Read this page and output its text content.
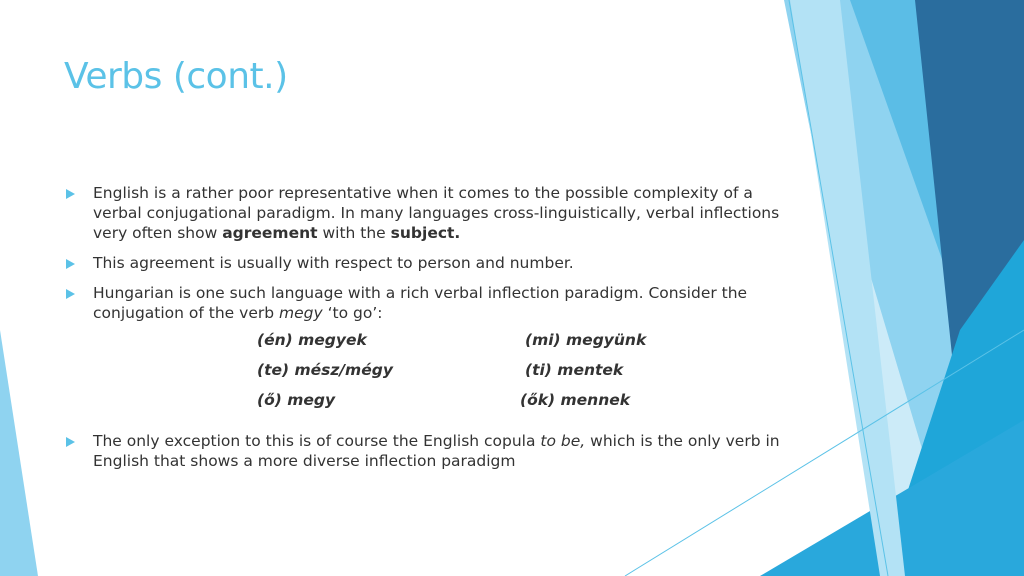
Verbs (cont.)
English is a rather poor representative when it comes to the possible complexity of a verbal conjugational paradigm. In many languages cross-linguistically, verbal inflections very often show agreement with the subject.
This agreement is usually with respect to person and number.
Hungarian is one such language with a rich verbal inflection paradigm. Consider the conjugation of the verb megy ‘to go’:
(én) megyek
(te) mész/mégy
(ő) megy
(mi) megyünk
(ti) mentek
(ők) mennek
The only exception to this is of course the English copula to be, which is the only verb in English that shows a more diverse inflection paradigm
